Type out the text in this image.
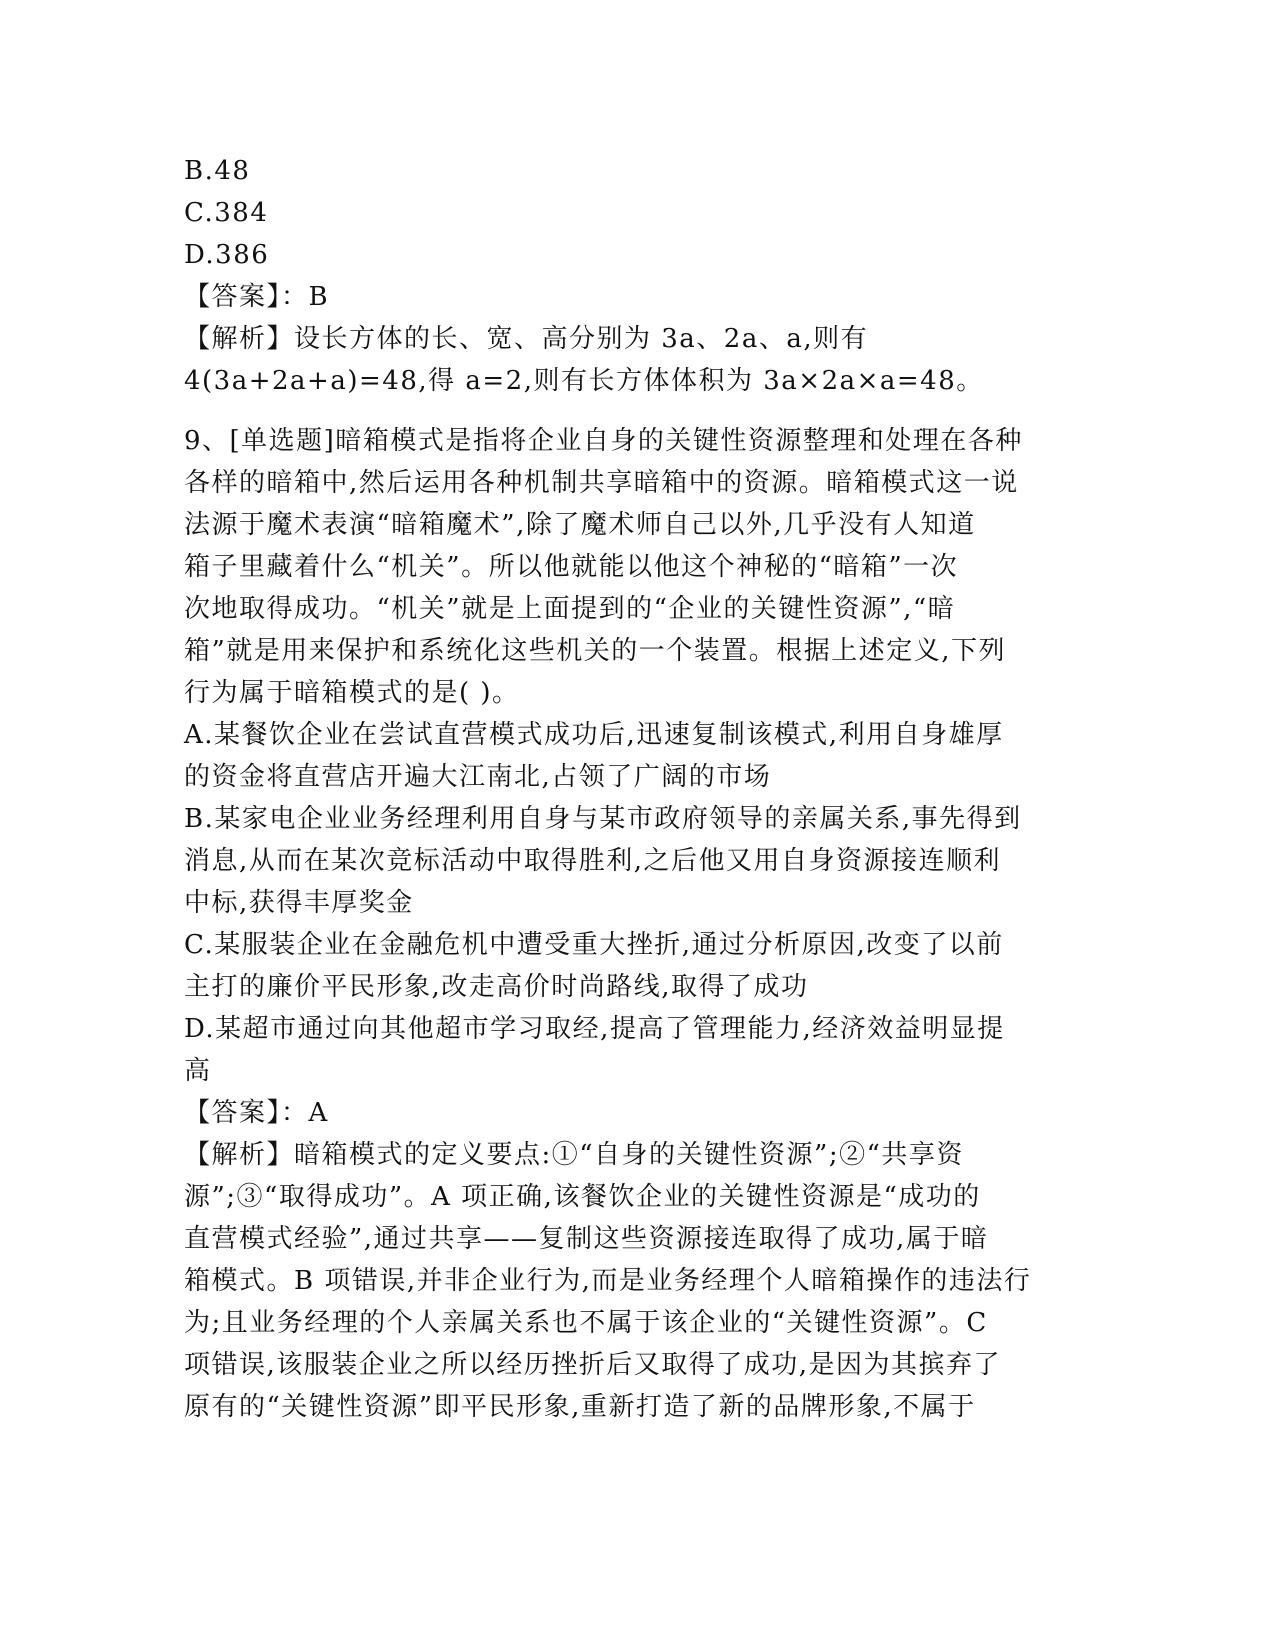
B.48
C.384
D.386
【答案】：B
【解析】设长方体的长、宽、高分别为 3a、2a、a,则有
4(3a+2a+a)=48,得 a=2,则有长方体体积为 3a×2a×a=48。
9、[单选题]暗箱模式是指将企业自身的关键性资源整理和处理在各种
各样的暗箱中,然后运用各种机制共享暗箱中的资源。暗箱模式这一说
法源于魔术表演“暗箱魔术”,除了魔术师自己以外,几乎没有人知道
箱子里藏着什么“机关”。所以他就能以他这个神秘的“暗箱”一次
次地取得成功。“机关”就是上面提到的“企业的关键性资源”,“暗
箱”就是用来保护和系统化这些机关的一个装置。根据上述定义,下列
行为属于暗箱模式的是( )。
A.某餐饮企业在尝试直营模式成功后,迅速复制该模式,利用自身雄厚
的资金将直营店开遍大江南北,占领了广阔的市场
B.某家电企业业务经理利用自身与某市政府领导的亲属关系,事先得到
消息,从而在某次竞标活动中取得胜利,之后他又用自身资源接连顺利
中标,获得丰厚奖金
C.某服装企业在金融危机中遭受重大挫折,通过分析原因,改变了以前
主打的廉价平民形象,改走高价时尚路线,取得了成功
D.某超市通过向其他超市学习取经,提高了管理能力,经济效益明显提
高
【答案】：A
【解析】暗箱模式的定义要点:①“自身的关键性资源”;②“共享资
源”;③“取得成功”。A 项正确,该餐饮企业的关键性资源是“成功的
直营模式经验”,通过共享——复制这些资源接连取得了成功,属于暗
箱模式。B 项错误,并非企业行为,而是业务经理个人暗箱操作的违法行
为;且业务经理的个人亲属关系也不属于该企业的“关键性资源”。C
项错误,该服装企业之所以经历挫折后又取得了成功,是因为其摈弃了
原有的“关键性资源”即平民形象,重新打造了新的品牌形象,不属于
